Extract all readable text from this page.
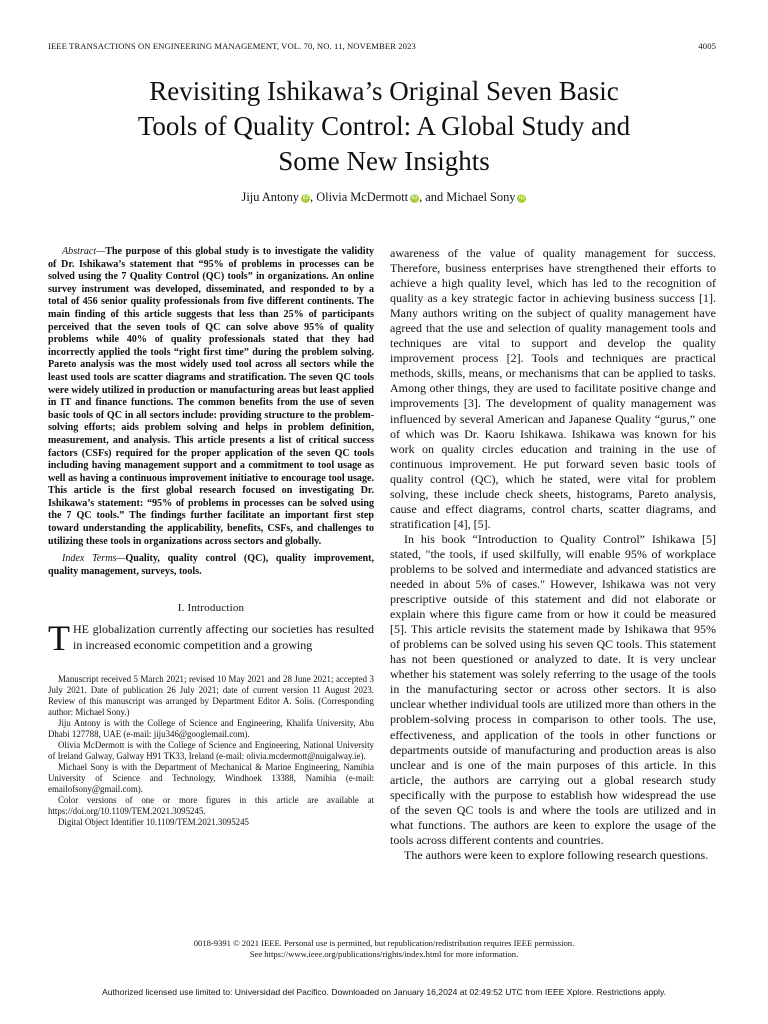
IEEE TRANSACTIONS ON ENGINEERING MANAGEMENT, VOL. 70, NO. 11, NOVEMBER 2023	4005
Revisiting Ishikawa’s Original Seven Basic
Tools of Quality Control: A Global Study and
Some New Insights
Jiju Antony iD , Olivia McDermott iD , and Michael Sony iD

Abstract—The purpose of this global study is to investigate the validity of Dr. Ishikawa’s statement that “95% of problems in processes can be solved using the 7 Quality Control (QC) tools” in organizations. An online survey instrument was developed, disseminated, and responded to by a total of 456 senior quality professionals from five different continents. The main finding of this article suggests that less than 25% of participants perceived that the seven tools of QC can solve above 95% of quality problems while 40% of quality professionals stated that they had incorrectly applied the tools “right first time” during the problem solving. Pareto analysis was the most widely used tool across all sectors while the least used tools are scatter diagrams and stratification. The seven QC tools were widely utilized in production or manufacturing areas but least applied in IT and finance functions. The common benefits from the use of seven basic tools of QC in all sectors include: providing structure to the problem-solving efforts; aids problem solving and helps in problem definition, measurement, and analysis. This article presents a list of critical success factors (CSFs) required for the proper application of the seven QC tools including having management support and a commitment to tool usage as well as having a continuous improvement initiative to encourage tool usage. This article is the first global research focused on investigating Dr. Ishikawa’s statement: “95% of problems in processes can be solved using the 7 QC tools.” The findings further facilitate an important first step toward understanding the applicability, benefits, CSFs, and challenges to utilizing these tools in organizations across sectors and globally.

Index Terms—Quality, quality control (QC), quality improvement, quality management, surveys, tools.

I. Introduction

THE globalization currently affecting our societies has resulted in increased economic competition and a growing

Manuscript received 5 March 2021; revised 10 May 2021 and 28 June 2021; accepted 3 July 2021. Date of publication 26 July 2021; date of current version 11 August 2023. Review of this manuscript was arranged by Department Editor A. Solis. (Corresponding author: Michael Sony.)

Jiju Antony is with the College of Science and Engineering, Khalifa University, Abu Dhabi 127788, UAE (e-mail: jiju346@googlemail.com).

Olivia McDermott is with the College of Science and Engineering, National University of Ireland Galway, Galway H91 TK33, Ireland (e-mail: olivia.mcdermott@nuigalway.ie).

Michael Sony is with the Department of Mechanical & Marine Engineering, Namibia University of Science and Technology, Windhoek 13388, Namibia (e-mail: emailofsony@gmail.com).

Color versions of one or more figures in this article are available at https://doi.org/10.1109/TEM.2021.3095245.

Digital Object Identifier 10.1109/TEM.2021.3095245

awareness of the value of quality management for success. Therefore, business enterprises have strengthened their efforts to achieve a high quality level, which has led to the recognition of quality as a key strategic factor in achieving business success [1]. Many authors writing on the subject of quality management have agreed that the use and selection of quality management tools and techniques are vital to support and develop the quality improvement process [2]. Tools and techniques are practical methods, skills, means, or mechanisms that can be applied to tasks. Among other things, they are used to facilitate positive change and improvements [3]. The development of quality management was influenced by several American and Japanese Quality “gurus,” one of which was Dr. Kaoru Ishikawa. Ishikawa was known for his work on quality circles education and training in the use of continuous improvement. He put forward seven basic tools of quality control (QC), which he stated, were vital for problem solving, these include check sheets, histograms, Pareto analysis, cause and effect diagrams, control charts, scatter diagrams, and stratification [4], [5].

In his book “Introduction to Quality Control” Ishikawa [5] stated, "the tools, if used skilfully, will enable 95% of workplace problems to be solved and intermediate and advanced statistics are needed in about 5% of cases." However, Ishikawa was not very prescriptive outside of this statement and did not elaborate or explain where this figure came from or how it could be measured [5]. This article revisits the statement made by Ishikawa that 95% of problems can be solved using his seven QC tools. This statement has not been questioned or analyzed to date. It is very unclear whether his statement was solely referring to the usage of the tools in the manufacturing sector or across other sectors. It is also unclear whether individual tools are utilized more than others in the problem-solving process in comparison to other tools. The use, effectiveness, and application of the tools in other functions or departments outside of manufacturing and production areas is also unclear and is one of the main purposes of this article. In this article, the authors are carrying out a global research study specifically with the purpose to establish how widespread the use of the seven QC tools is and where the tools are utilized and in what functions. The authors are keen to explore the usage of the tools across different contents and countries.

The authors were keen to explore following research questions.

0018-9391 © 2021 IEEE. Personal use is permitted, but republication/redistribution requires IEEE permission.
See https://www.ieee.org/publications/rights/index.html for more information.
Authorized licensed use limited to: Universidad del Pacifico. Downloaded on January 16,2024 at 02:49:52 UTC from IEEE Xplore. Restrictions apply.
